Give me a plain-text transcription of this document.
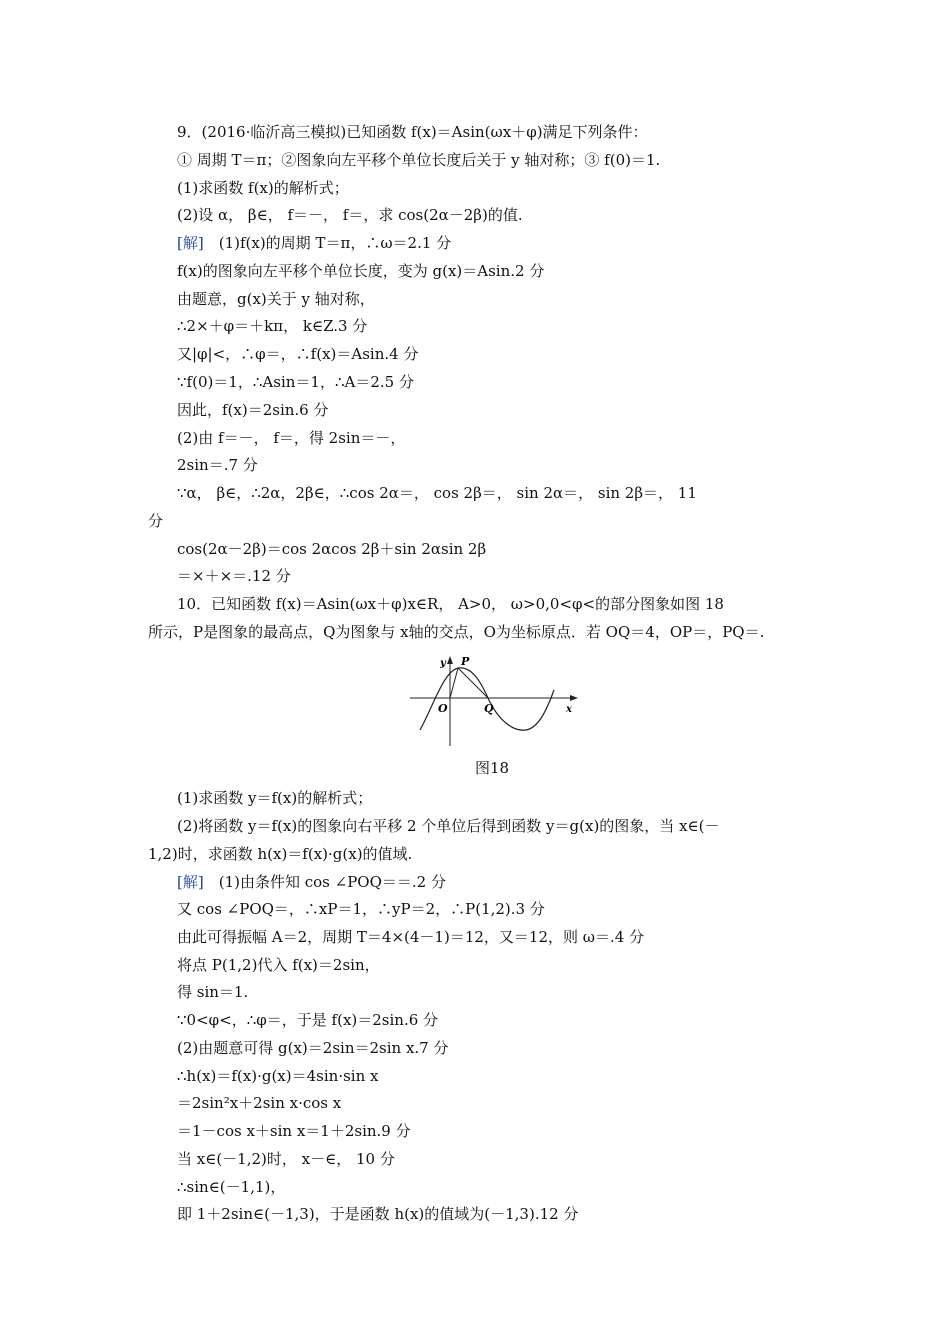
9．(2016·临沂高三模拟)已知函数 f(x)＝Asin(ωx＋φ)满足下列条件：
① 周期 T＝π；②图象向左平移个单位长度后关于 y 轴对称；③ f(0)＝1.
(1)求函数 f(x)的解析式；
(2)设 α， β∈， f＝－， f＝，求 cos(2α－2β)的值.
[解]　(1)f(x)的周期 T＝π，∴ω＝2.1 分
f(x)的图象向左平移个单位长度，变为 g(x)＝Asin.2 分
由题意，g(x)关于 y 轴对称，
∴2×＋φ＝＋kπ， k∈Z.3 分
又|φ|<，∴φ＝，∴f(x)＝Asin.4 分
∵f(0)＝1，∴Asin＝1，∴A＝2.5 分
因此，f(x)＝2sin.6 分
(2)由 f＝－， f＝，得 2sin＝－，
2sin＝.7 分
∵α， β∈，∴2α，2β∈，∴cos 2α＝， cos 2β＝， sin 2α＝， sin 2β＝， 11
分
cos(2α－2β)＝cos 2αcos 2β＋sin 2αsin 2β
＝×＋×＝.12 分
10．已知函数 f(x)＝Asin(ωx＋φ)x∈R， A>0， ω>0,0<φ<的部分图象如图 18
所示，P是图象的最高点，Q为图象与 x轴的交点，O为坐标原点．若 OQ＝4，OP＝，PQ＝.
y P
O	Q	x
图18
(1)求函数 y＝f(x)的解析式；
(2)将函数 y＝f(x)的图象向右平移 2 个单位后得到函数 y＝g(x)的图象，当 x∈(－
1,2)时，求函数 h(x)＝f(x)·g(x)的值域.
[解]　(1)由条件知 cos ∠POQ＝＝.2 分
又 cos ∠POQ＝，∴xP＝1，∴yP＝2，∴P(1,2).3 分
由此可得振幅 A＝2，周期 T＝4×(4－1)＝12，又＝12，则 ω＝.4 分
将点 P(1,2)代入 f(x)＝2sin，
得 sin＝1.
∵0<φ<，∴φ＝，于是 f(x)＝2sin.6 分
(2)由题意可得 g(x)＝2sin＝2sin x.7 分
∴h(x)＝f(x)·g(x)＝4sin·sin x
＝2sin²x＋2sin x·cos x
＝1－cos x＋sin x＝1＋2sin.9 分
当 x∈(－1,2)时， x－∈， 10 分
∴sin∈(－1,1)，
即 1＋2sin∈(－1,3)，于是函数 h(x)的值域为(－1,3).12 分
